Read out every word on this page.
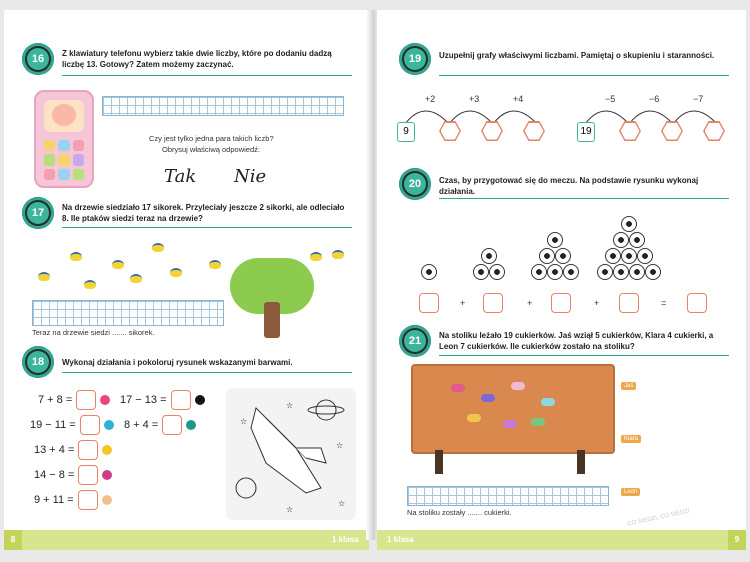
16	Z klawiatury telefonu wybierz takie dwie liczby, które po dodaniu dadzą liczbę 13. Gotowy? Zatem możemy zaczynać.
Czy jest tylko jedna para takich liczb?
Obrysuj właściwą odpowiedź:
Tak Nie
17	Na drzewie siedziało 17 sikorek. Przyleciały jeszcze 2 sikorki, ale odleciało 8. Ile ptaków siedzi teraz na drzewie?
Teraz na drzewie siedzi ....... sikorek.
18	Wykonaj działania i pokoloruj rysunek wskazanymi barwami.
7 + 8 =
19 − 11 =
13 + 4 =
14 − 8 =
9 + 11 =
17 − 13 =
8 + 4 =	☆
☆
☆
☆
☆
8	1 klasa
19	Uzupełnij grafy właściwymi liczbami. Pamiętaj o skupieniu i staranności.
+2	+3	+4
9
−5	−6	−7
19
20	Czas, by przygotować się do meczu. Na podstawie rysunku wykonaj działania.
+	+	+	=
21	Na stoliku leżało 19 cukierków. Jaś wziął 5 cukierków, Klara 4 cukierki, a Leon 7 cukierków. Ile cukierków zostało na stoliku?
Jaś
Klara
Leon
Na stoliku zostały ....... cukierki.	CO SIEDZI, CO SIEDZI
9
1 klasa
